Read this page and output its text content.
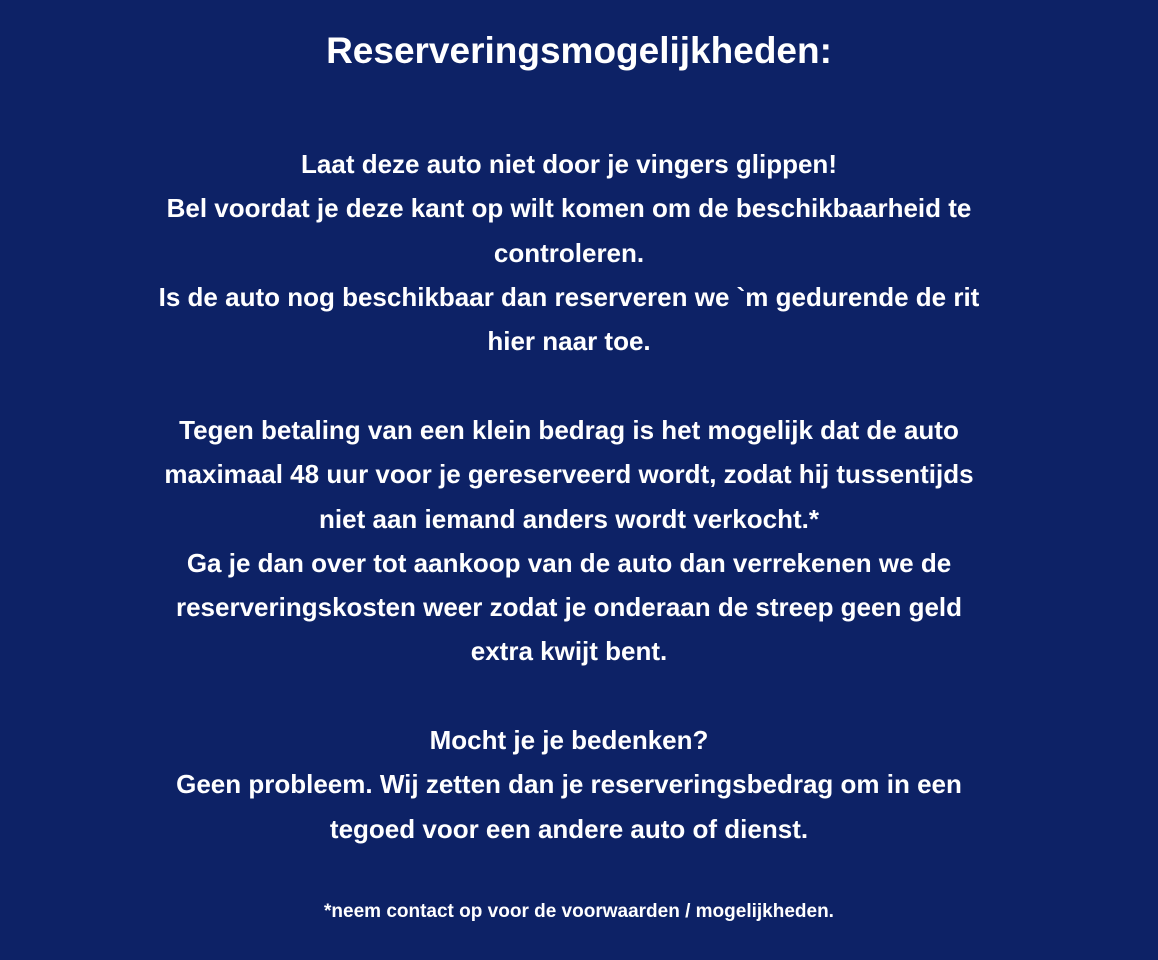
Reserveringsmogelijkheden:
Laat deze auto niet door je vingers glippen!
Bel voordat je deze kant op wilt komen om de beschikbaarheid te
controleren.
Is de auto nog beschikbaar dan reserveren we `m gedurende de rit
hier naar toe.
Tegen betaling van een klein bedrag is het mogelijk dat de auto
maximaal 48 uur voor je gereserveerd wordt, zodat hij tussentijds
niet aan iemand anders wordt verkocht.*
Ga je dan over tot aankoop van de auto dan verrekenen we de
reserveringskosten weer zodat je onderaan de streep geen geld
extra kwijt bent.
Mocht je je bedenken?
Geen probleem. Wij zetten dan je reserveringsbedrag om in een
tegoed voor een andere auto of dienst.

*neem contact op voor de voorwaarden / mogelijkheden.
